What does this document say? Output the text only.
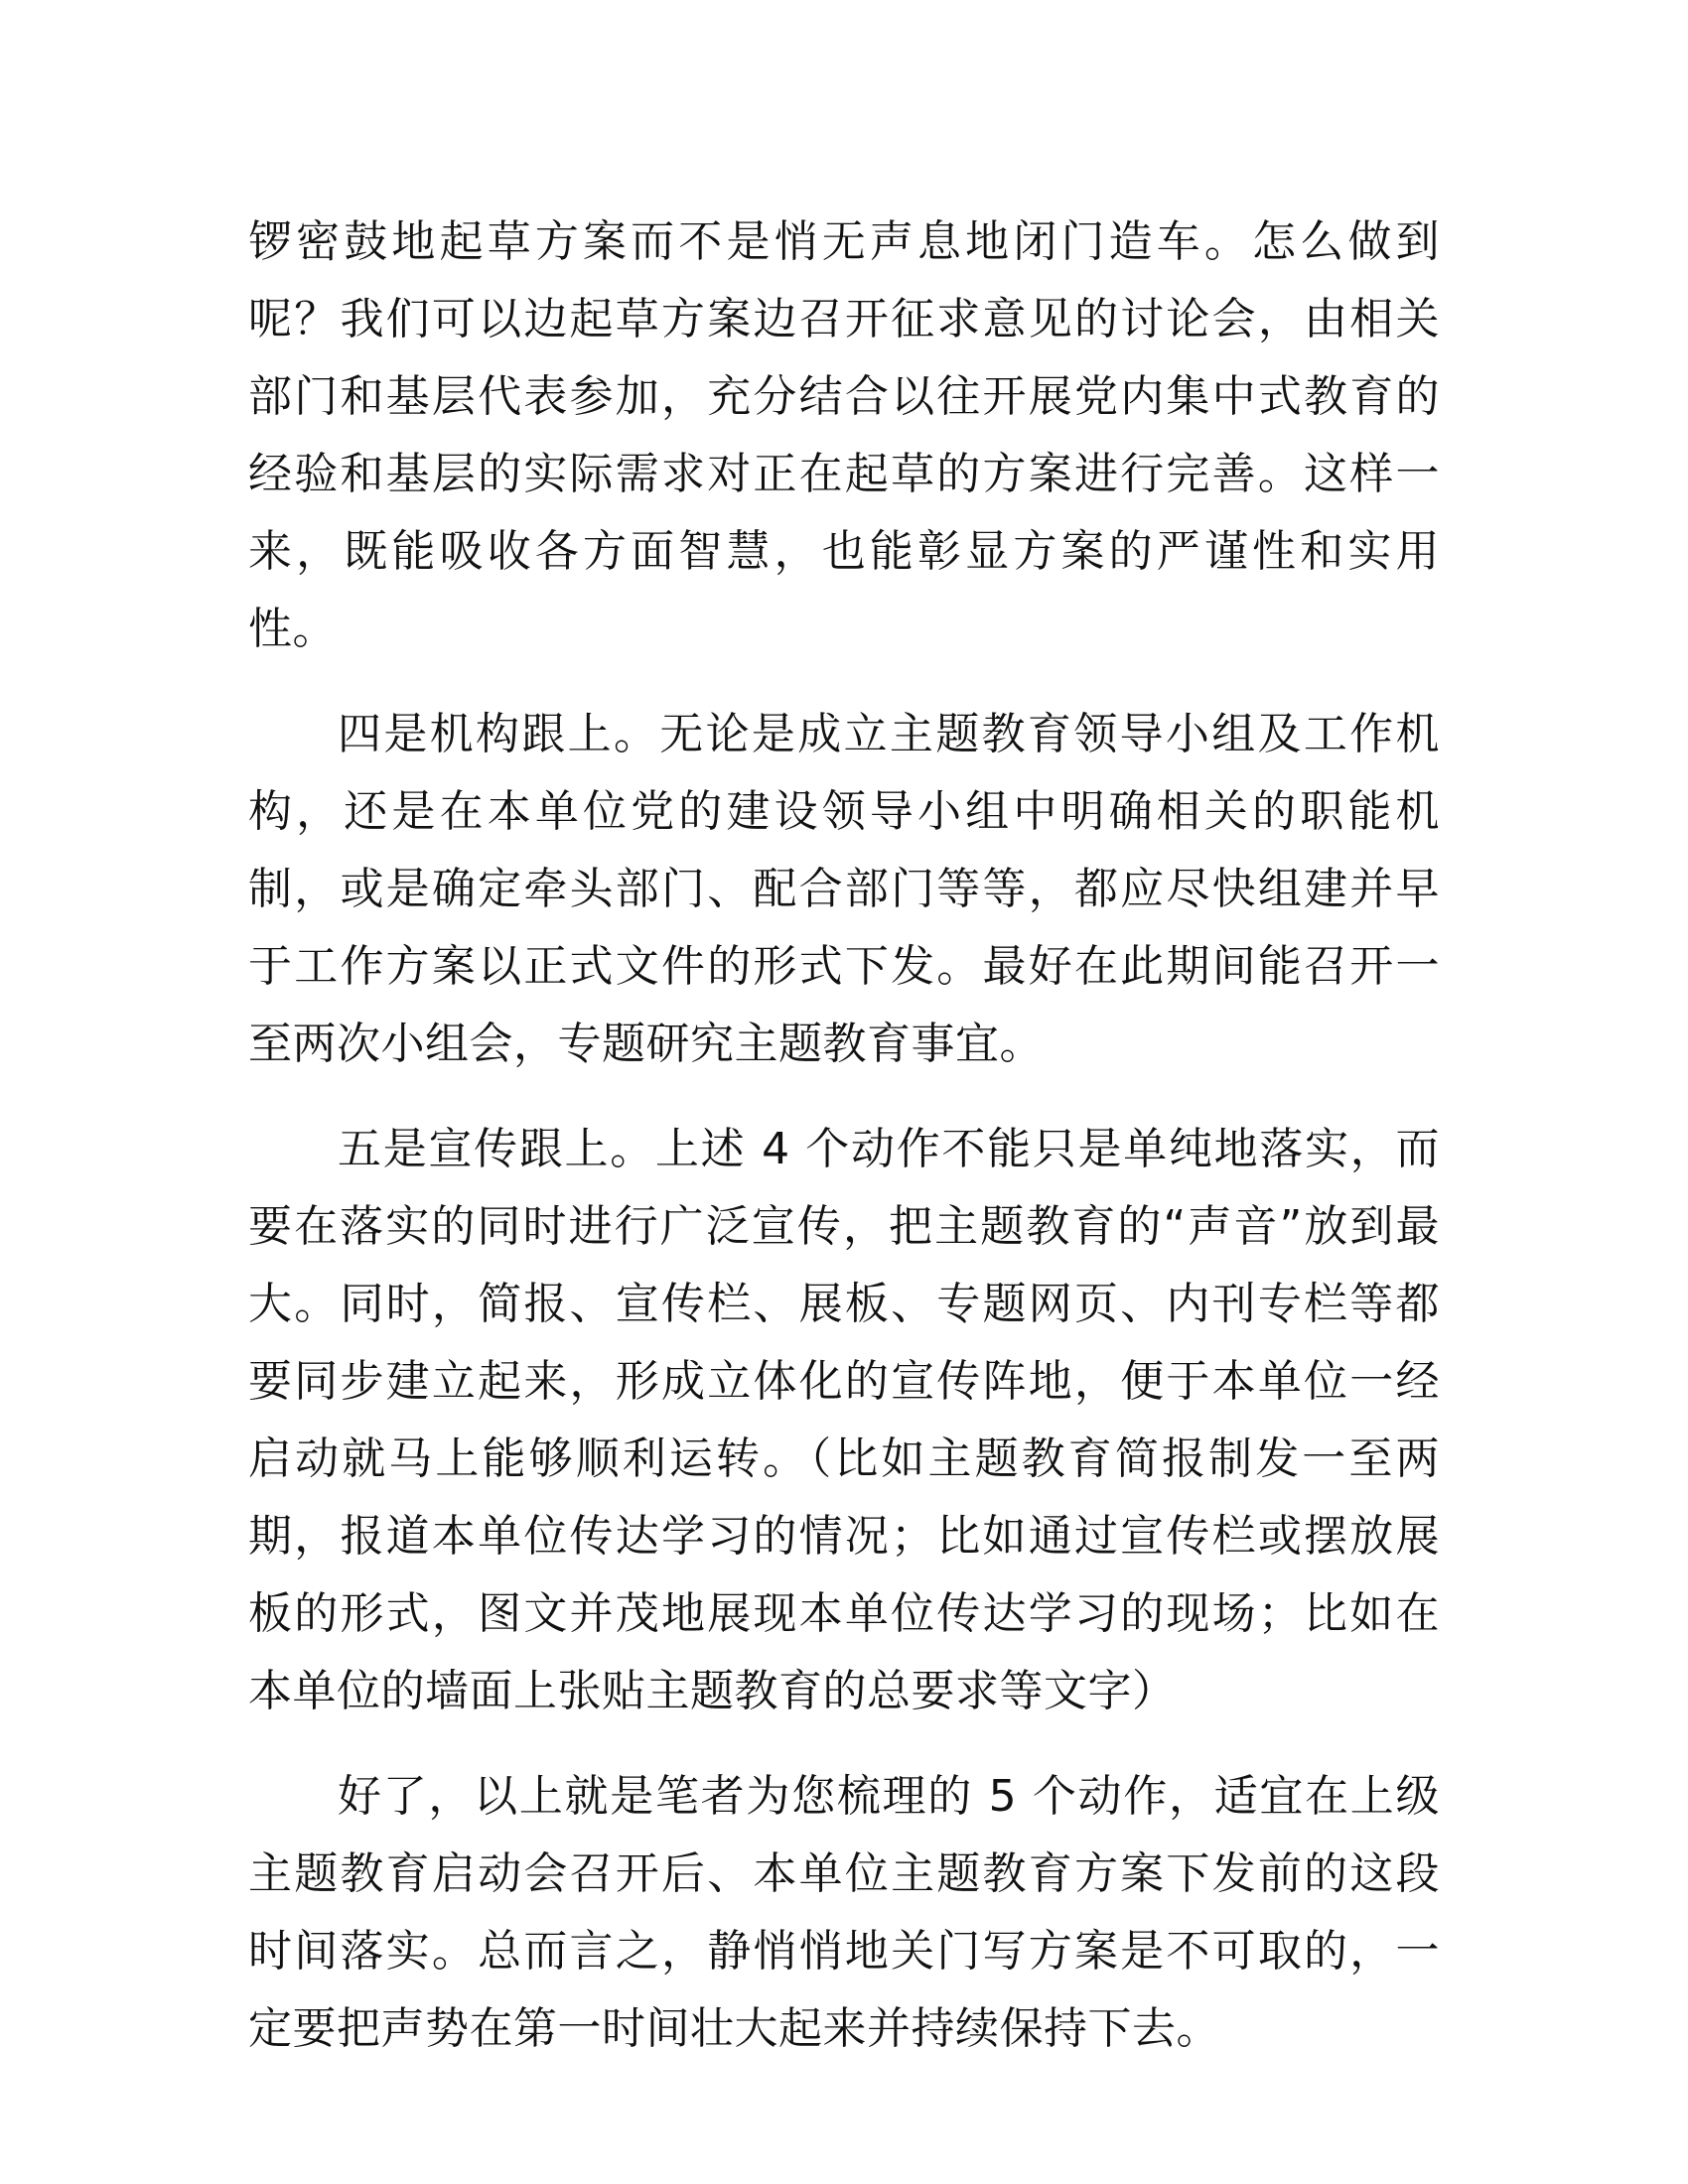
锣密鼓地起草方案而不是悄无声息地闭门造车。怎么做到呢？我们可以边起草方案边召开征求意见的讨论会，由相关部门和基层代表参加，充分结合以往开展党内集中式教育的经验和基层的实际需求对正在起草的方案进行完善。这样一来，既能吸收各方面智慧，也能彰显方案的严谨性和实用性。

四是机构跟上。无论是成立主题教育领导小组及工作机构，还是在本单位党的建设领导小组中明确相关的职能机制，或是确定牵头部门、配合部门等等，都应尽快组建并早于工作方案以正式文件的形式下发。最好在此期间能召开一至两次小组会，专题研究主题教育事宜。

五是宣传跟上。上述 4 个动作不能只是单纯地落实，而要在落实的同时进行广泛宣传，把主题教育的“声音”放到最大。同时，简报、宣传栏、展板、专题网页、内刊专栏等都要同步建立起来，形成立体化的宣传阵地，便于本单位一经启动就马上能够顺利运转。（比如主题教育简报制发一至两期，报道本单位传达学习的情况；比如通过宣传栏或摆放展板的形式，图文并茂地展现本单位传达学习的现场；比如在本单位的墙面上张贴主题教育的总要求等文字）

好了，以上就是笔者为您梳理的 5 个动作，适宜在上级主题教育启动会召开后、本单位主题教育方案下发前的这段时间落实。总而言之，静悄悄地关门写方案是不可取的，一定要把声势在第一时间壮大起来并持续保持下去。
